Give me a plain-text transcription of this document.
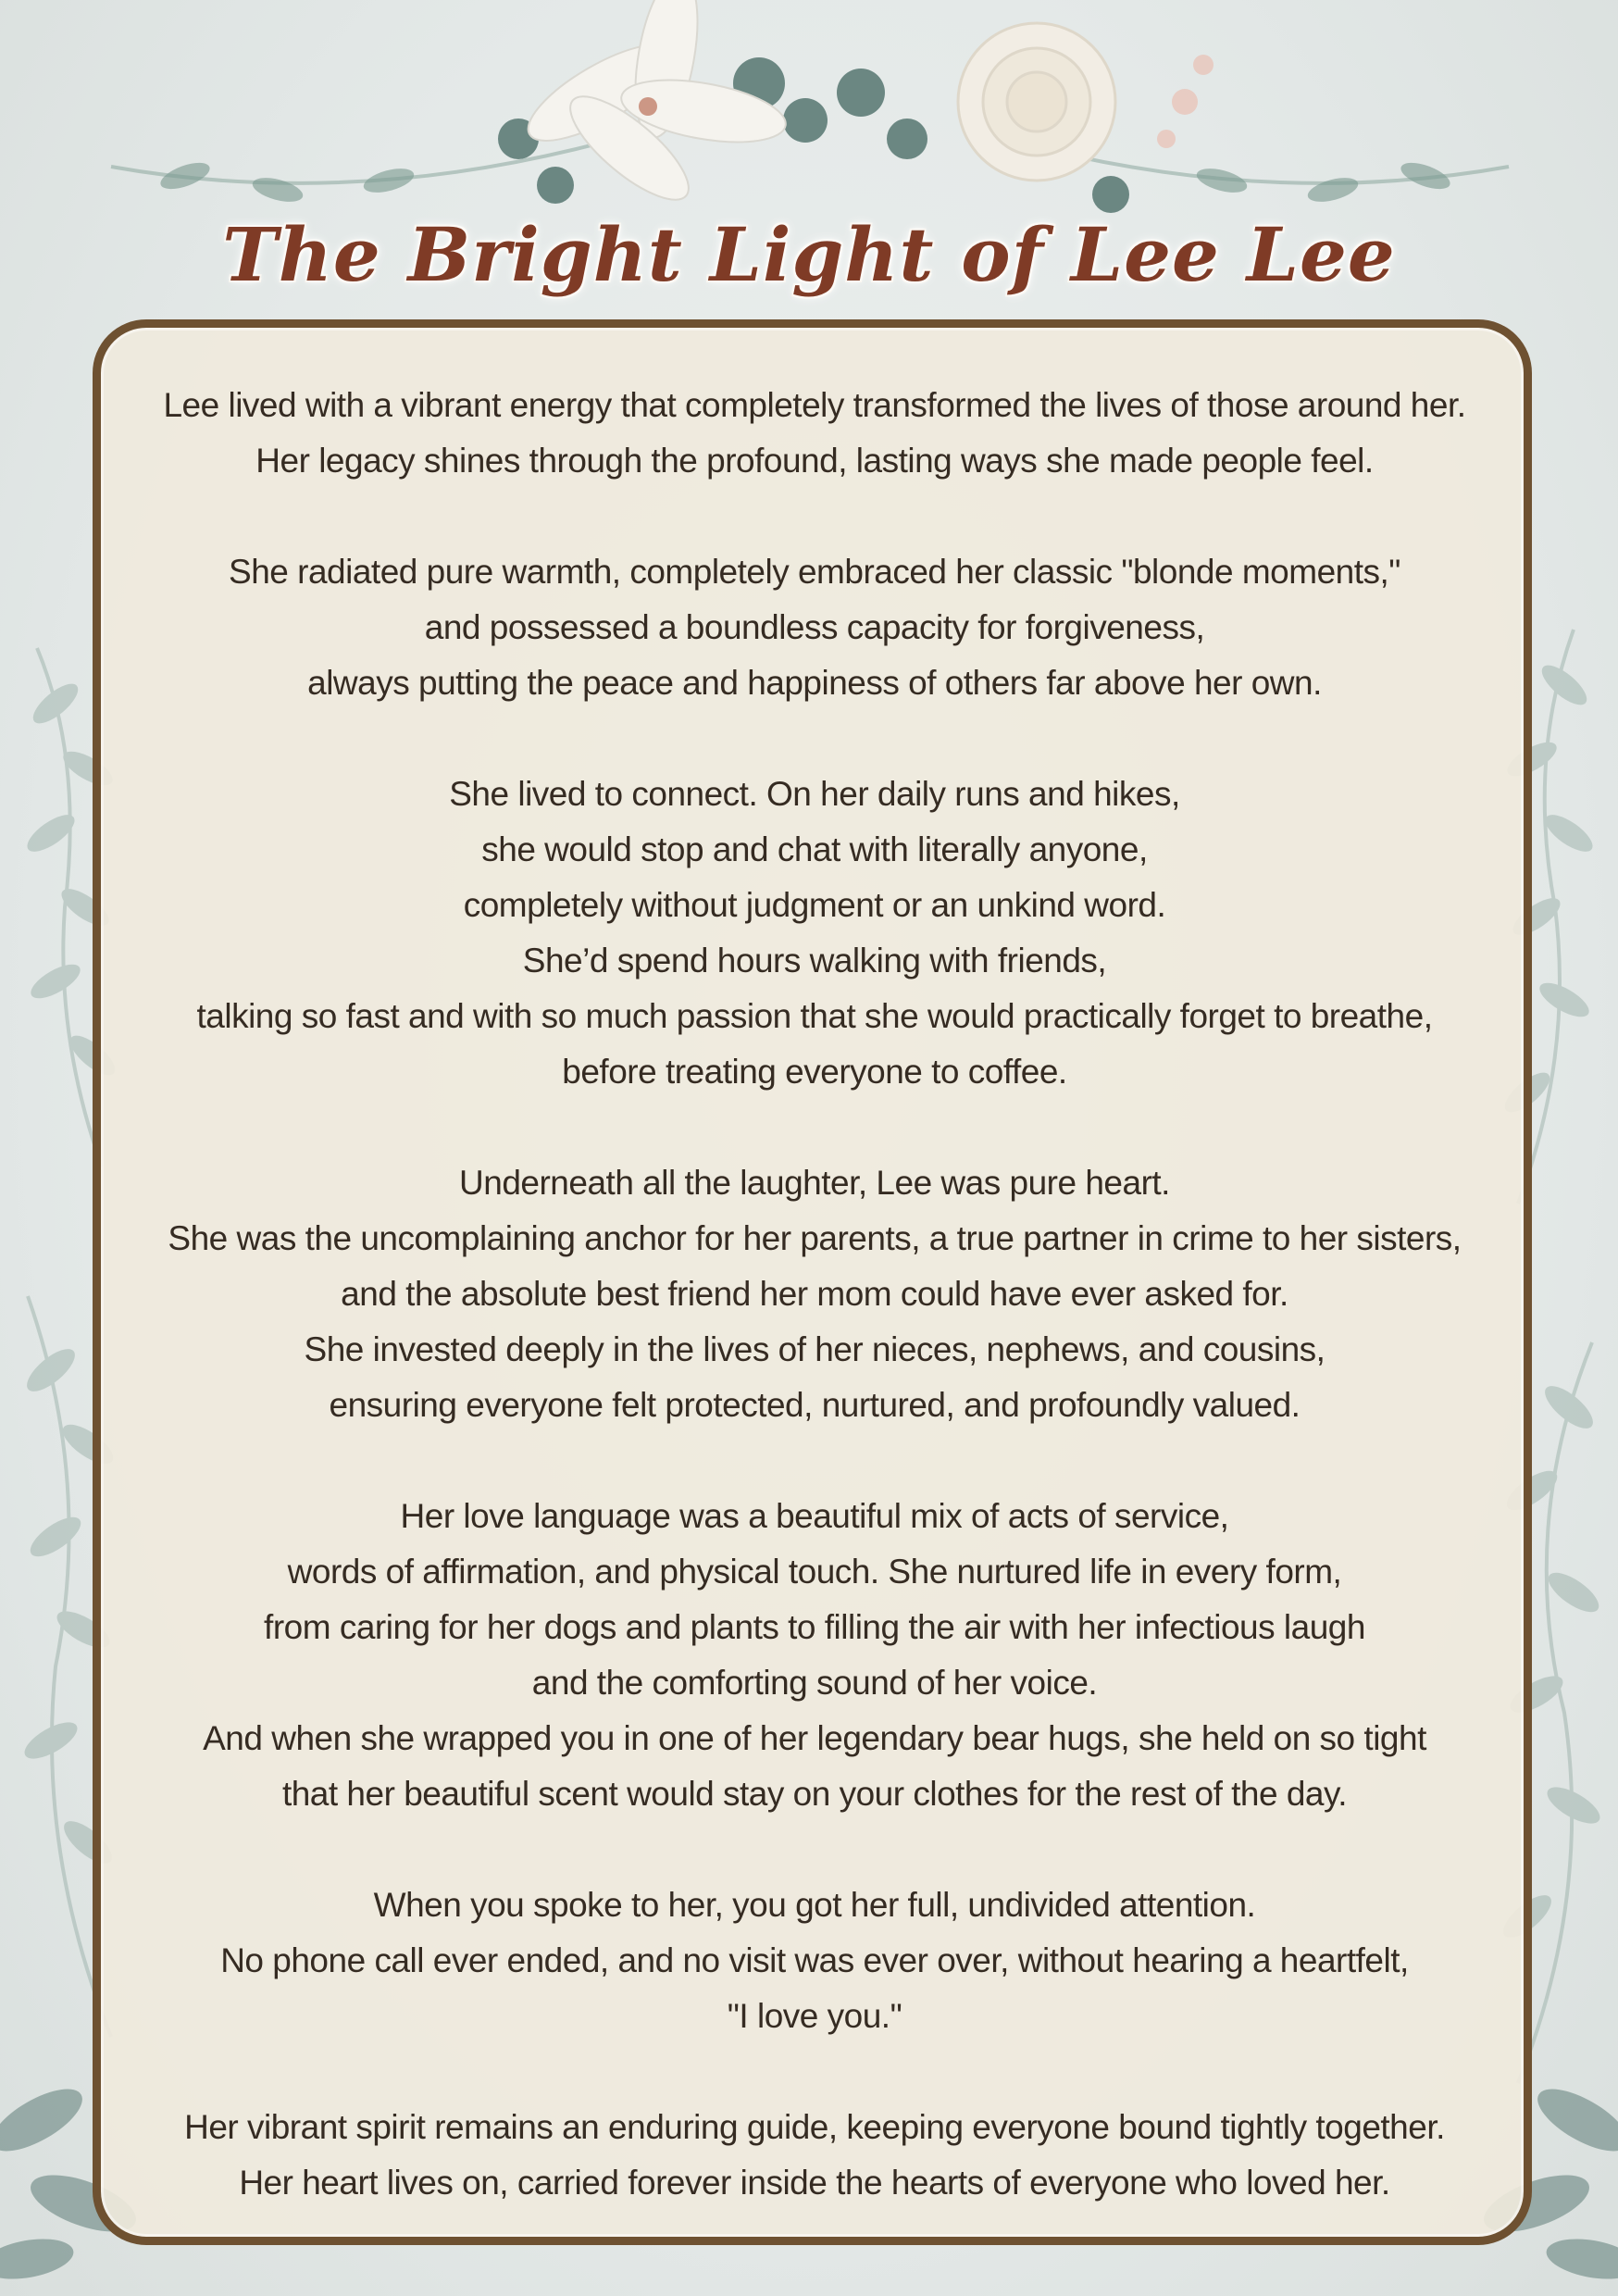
The Bright Light of Lee Lee
Lee lived with a vibrant energy that completely transformed the lives of those around her.
Her legacy shines through the profound, lasting ways she made people feel.
She radiated pure warmth, completely embraced her classic "blonde moments,"
and possessed a boundless capacity for forgiveness,
always putting the peace and happiness of others far above her own.
She lived to connect. On her daily runs and hikes,
she would stop and chat with literally anyone,
completely without judgment or an unkind word.
She’d spend hours walking with friends,
talking so fast and with so much passion that she would practically forget to breathe,
before treating everyone to coffee.
Underneath all the laughter, Lee was pure heart.
She was the uncomplaining anchor for her parents, a true partner in crime to her sisters,
and the absolute best friend her mom could have ever asked for.
She invested deeply in the lives of her nieces, nephews, and cousins,
ensuring everyone felt protected, nurtured, and profoundly valued.
Her love language was a beautiful mix of acts of service,
words of affirmation, and physical touch. She nurtured life in every form,
from caring for her dogs and plants to filling the air with her infectious laugh
and the comforting sound of her voice.
And when she wrapped you in one of her legendary bear hugs, she held on so tight
that her beautiful scent would stay on your clothes for the rest of the day.
When you spoke to her, you got her full, undivided attention.
No phone call ever ended, and no visit was ever over, without hearing a heartfelt,
"I love you."
Her vibrant spirit remains an enduring guide, keeping everyone bound tightly together.
Her heart lives on, carried forever inside the hearts of everyone who loved her.
